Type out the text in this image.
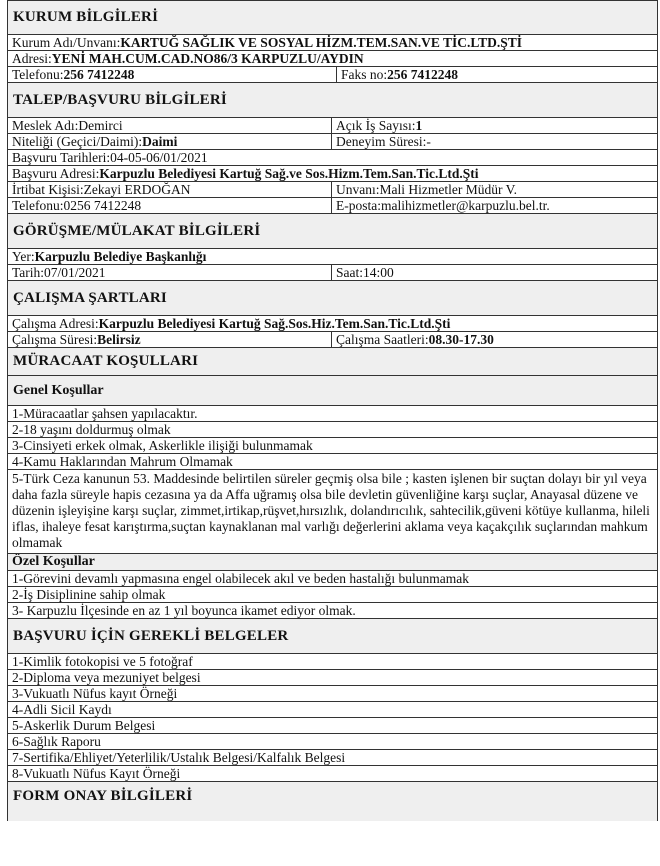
KURUM BİLGİLERİ
Kurum Adı/Unvanı:KARTUĞ SAĞLIK VE SOSYAL HİZM.TEM.SAN.VE TİC.LTD.ŞTİ
Adresi:YENİ MAH.CUM.CAD.NO86/3 KARPUZLU/AYDIN
Telefonu:256 7412248	Faks no:256 7412248
TALEP/BAŞVURU BİLGİLERİ
Meslek Adı:Demirci	Açık İş Sayısı:1
Niteliği (Geçici/Daimi):Daimi	Deneyim Süresi:-
Başvuru Tarihleri:04-05-06/01/2021
Başvuru Adresi:Karpuzlu Belediyesi Kartuğ Sağ.ve Sos.Hizm.Tem.San.Tic.Ltd.Şti
İrtibat Kişisi:Zekayi ERDOĞAN	Unvanı:Mali Hizmetler Müdür V.
Telefonu:0256 7412248	E-posta:malihizmetler@karpuzlu.bel.tr.
GÖRÜŞME/MÜLAKAT BİLGİLERİ
Yer:Karpuzlu Belediye Başkanlığı
Tarih:07/01/2021	Saat:14:00
ÇALIŞMA ŞARTLARI
Çalışma Adresi:Karpuzlu Belediyesi Kartuğ Sağ.Sos.Hiz.Tem.San.Tic.Ltd.Şti
Çalışma Süresi:Belirsiz	Çalışma Saatleri:08.30-17.30
MÜRACAAT KOŞULLARI
Genel Koşullar
1-Müracaatlar şahsen yapılacaktır.
2-18 yaşını doldurmuş olmak
3-Cinsiyeti erkek olmak, Askerlikle ilişiği bulunmamak
4-Kamu Haklarından Mahrum Olmamak
5-Türk Ceza kanunun 53. Maddesinde belirtilen süreler geçmiş olsa bile ; kasten işlenen bir suçtan dolayı bir yıl veya daha fazla süreyle hapis cezasına ya da Affa uğramış olsa bile devletin güvenliğine karşı suçlar, Anayasal düzene ve düzenin işleyişine karşı suçlar, zimmet,irtikap,rüşvet,hırsızlık, dolandırıcılık, sahtecilik,güveni kötüye kullanma, hileli iflas, ihaleye fesat karıştırma,suçtan kaynaklanan mal varlığı değerlerini aklama veya kaçakçılık suçlarından mahkum olmamak
Özel Koşullar
1-Görevini devamlı yapmasına engel olabilecek akıl ve beden hastalığı bulunmamak
2-İş Disiplinine sahip olmak
3- Karpuzlu İlçesinde en az 1 yıl boyunca ikamet ediyor olmak.
BAŞVURU İÇİN GEREKLİ BELGELER
1-Kimlik fotokopisi ve 5 fotoğraf
2-Diploma veya mezuniyet belgesi
3-Vukuatlı Nüfus kayıt Örneği
4-Adli Sicil Kaydı
5-Askerlik Durum Belgesi
6-Sağlık Raporu
7-Sertifika/Ehliyet/Yeterlilik/Ustalık Belgesi/Kalfalık Belgesi
8-Vukuatlı Nüfus Kayıt Örneği
FORM ONAY BİLGİLERİ
